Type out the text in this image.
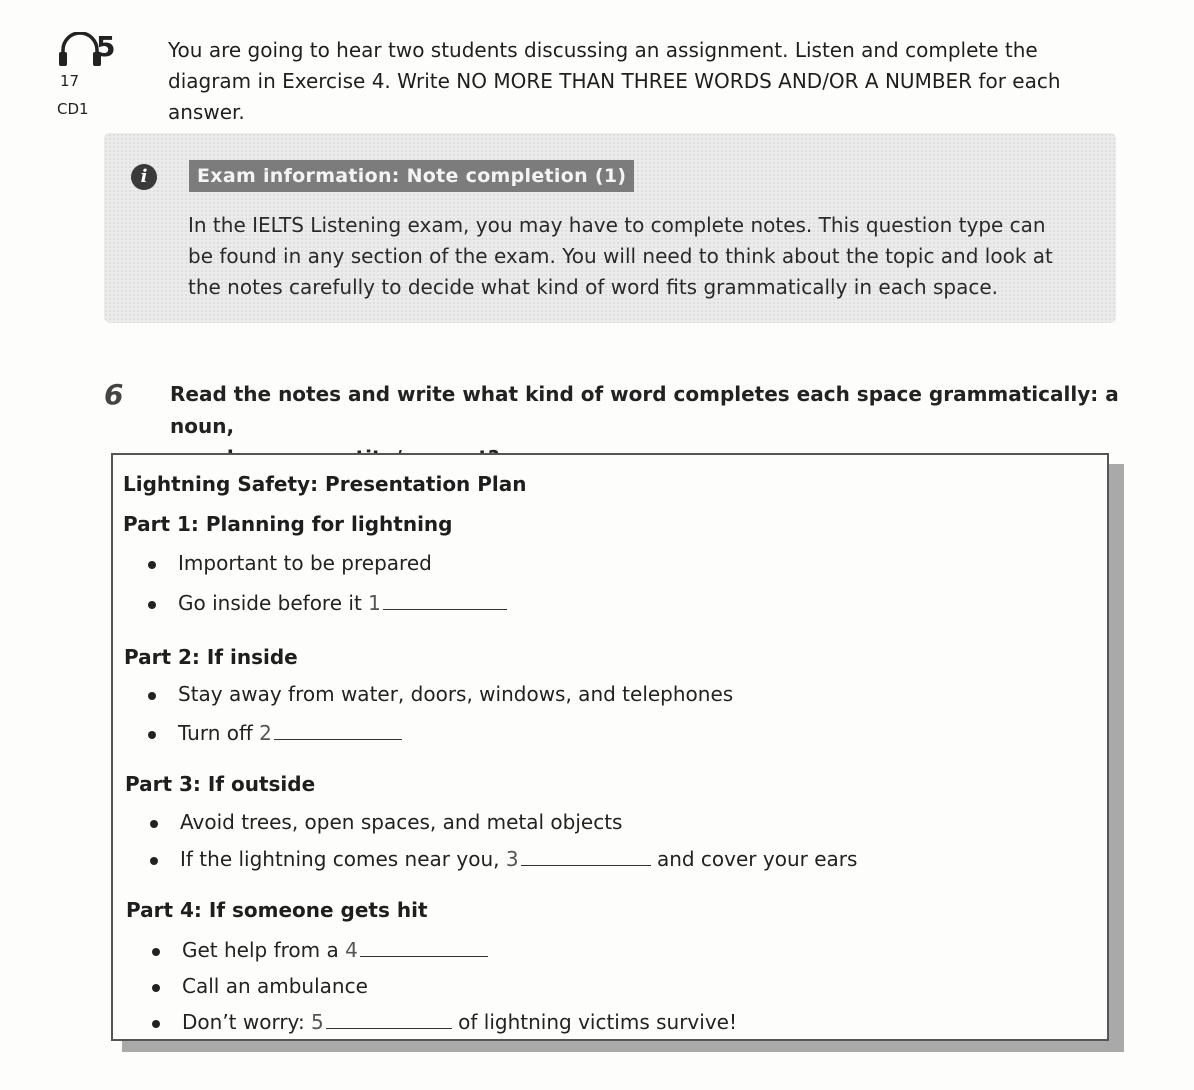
5
17
CD1
You are going to hear two students discussing an assignment. Listen and complete the
diagram in Exercise 4. Write NO MORE THAN THREE WORDS AND/OR A NUMBER for each
answer.
i	Exam information: Note completion (1)
In the IELTS Listening exam, you may have to complete notes. This question type can
be found in any section of the exam. You will need to think about the topic and look at
the notes carefully to decide what kind of word fits grammatically in each space.
6 Read the notes and write what kind of word completes each space grammatically: a noun,
Lightning Safety: Presentation Plan
Part 1: Planning for lightning
Important to be prepared
Go inside before it 1
Part 2: If inside
Stay away from water, doors, windows, and telephones
Turn off 2
Part 3: If outside
Avoid trees, open spaces, and metal objects
If the lightning comes near you, 3	and cover your ears
Part 4: If someone gets hit
Get help from a 4
Call an ambulance
Don’t worry: 5	of lightning victims survive!
